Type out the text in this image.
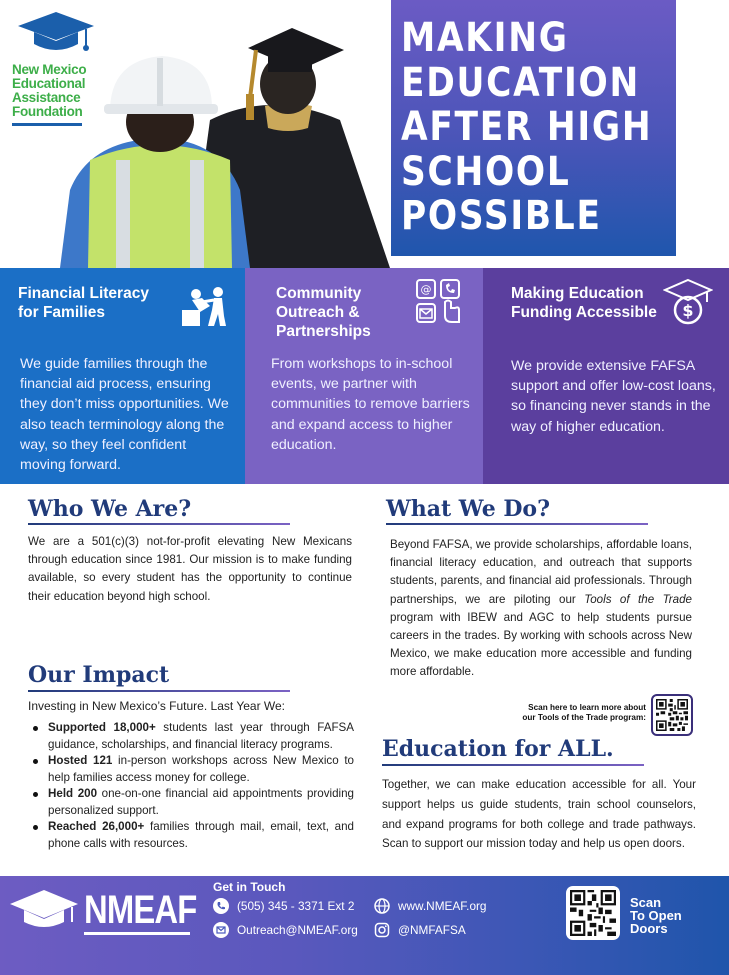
New Mexico
Educational
Assistance
Foundation
MAKING
EDUCATION
AFTER HIGH
SCHOOL
POSSIBLE
Financial Literacy
for Families
We guide families through the financial aid process, ensuring they don’t miss opportunities. We also teach terminology along the way, so they feel confident moving forward.
Community
Outreach &
Partnerships
@
From workshops to in-school events, we partner with communities to remove barriers and expand access to higher education.
Making Education
Funding Accessible $
We provide extensive FAFSA support and offer low-cost loans, so financing never stands in the way of higher education.
Who We Are?
We are a 501(c)(3) not-for-profit elevating New Mexicans through education since 1981. Our mission is to make funding available, so every student has the opportunity to continue their education beyond high school.
What We Do?
Beyond FAFSA, we provide scholarships, affordable loans, financial literacy education, and outreach that supports students, parents, and financial aid professionals. Through partnerships, we are piloting our Tools of the Trade program with IBEW and AGC to help students pursue careers in the trades. By working with schools across New Mexico, we make education more accessible and funding more affordable.
Our Impact
Investing in New Mexico’s Future. Last Year We:
Supported 18,000+ students last year through FAFSA guidance, scholarships, and financial literacy programs.
Hosted 121 in-person workshops across New Mexico to help families access money for college.
Held 200 one-on-one financial aid appointments providing personalized support.
Reached 26,000+ families through mail, email, text, and phone calls with resources.
Scan here to learn more about
our Tools of the Trade program:
Education for ALL.
Together, we can make education accessible for all. Your support helps us guide students, train school counselors, and expand programs for both college and trade pathways. Scan to support our mission today and help us open doors.
NMEAF
Get in Touch
(505) 345 - 3371 Ext 2
Outreach@NMEAF.org
www.NMEAF.org
@NMFAFSA
Scan
To Open
Doors
